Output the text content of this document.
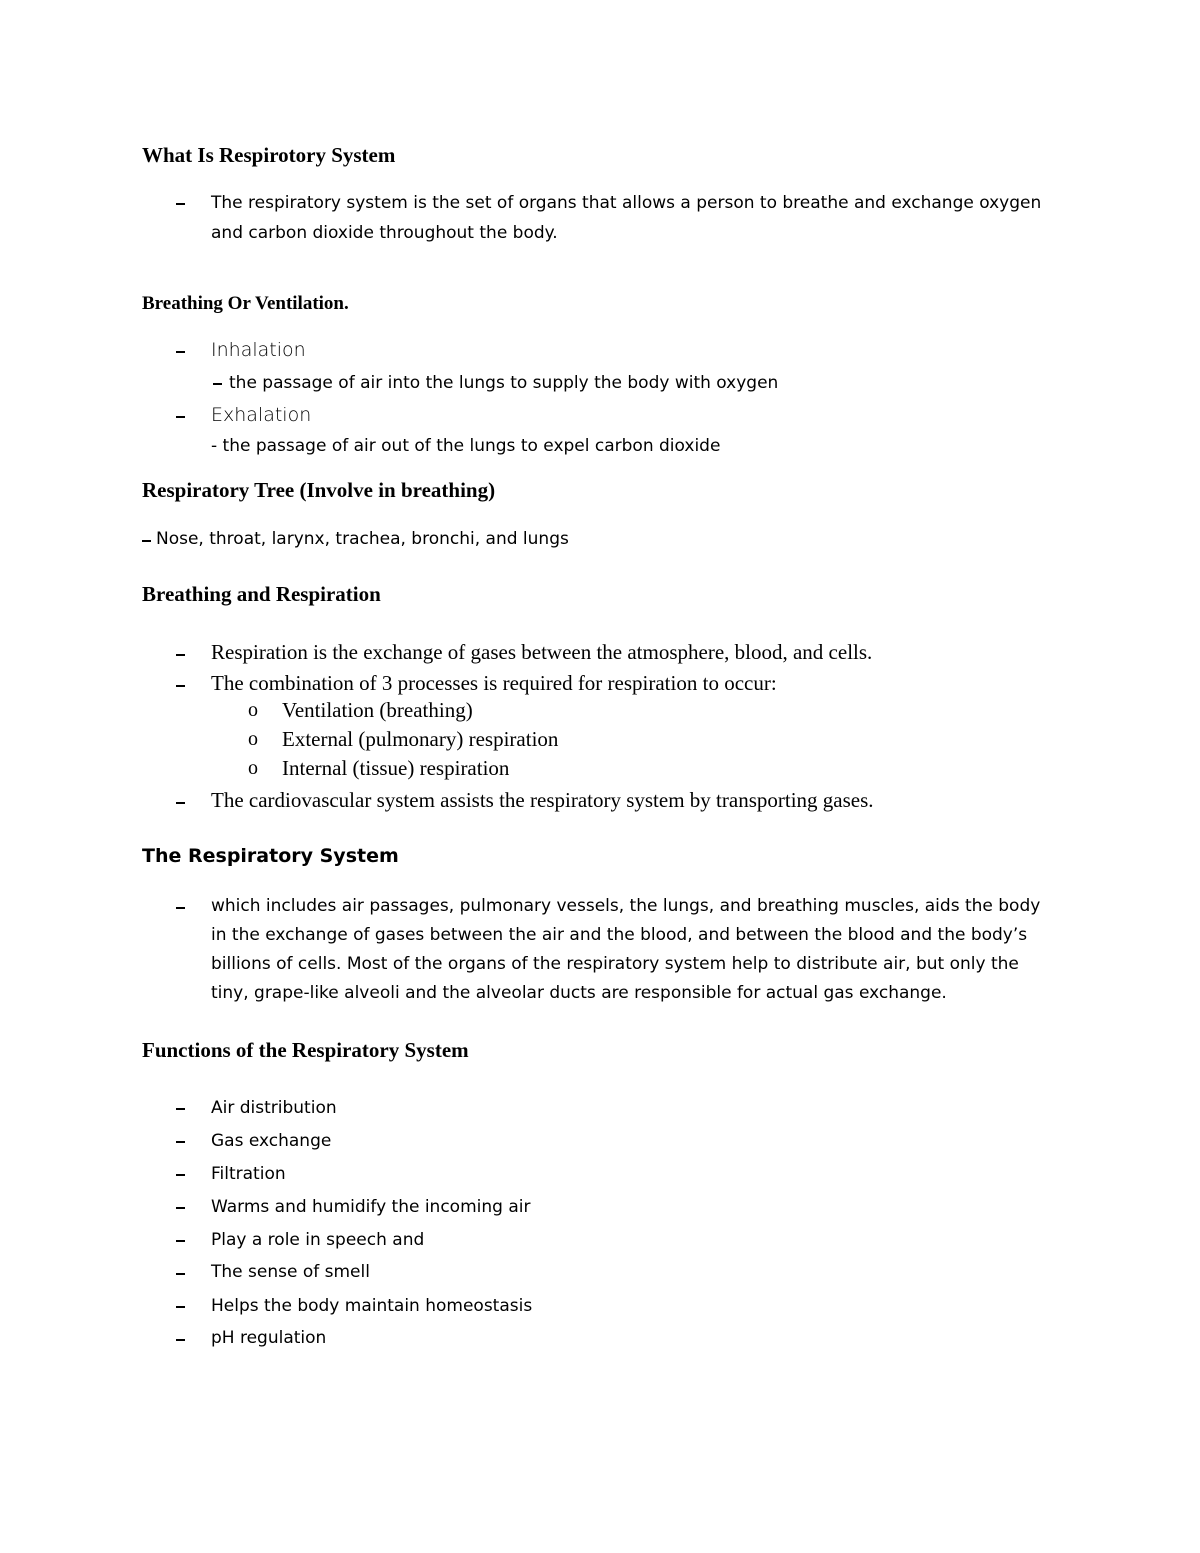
What Is Respirotory System
The respiratory system is the set of organs that allows a person to breathe and exchange oxygen
and carbon dioxide throughout the body.
Breathing Or Ventilation.
Inhalation
the passage of air into the lungs to supply the body with oxygen
Exhalation
- the passage of air out of the lungs to expel carbon dioxide
Respiratory Tree (Involve in breathing)
Nose, throat, larynx, trachea, bronchi, and lungs
Breathing and Respiration
Respiration is the exchange of gases between the atmosphere, blood, and cells.
The combination of 3 processes is required for respiration to occur:
o Ventilation (breathing)
o External (pulmonary) respiration
o Internal (tissue) respiration
The cardiovascular system assists the respiratory system by transporting gases.
The Respiratory System
which includes air passages, pulmonary vessels, the lungs, and breathing muscles, aids the body
in the exchange of gases between the air and the blood, and between the blood and the body’s
billions of cells. Most of the organs of the respiratory system help to distribute air, but only the
tiny, grape-like alveoli and the alveolar ducts are responsible for actual gas exchange.
Functions of the Respiratory System
Air distribution
Gas exchange
Filtration
Warms and humidify the incoming air
Play a role in speech and
The sense of smell
Helps the body maintain homeostasis
pH regulation
